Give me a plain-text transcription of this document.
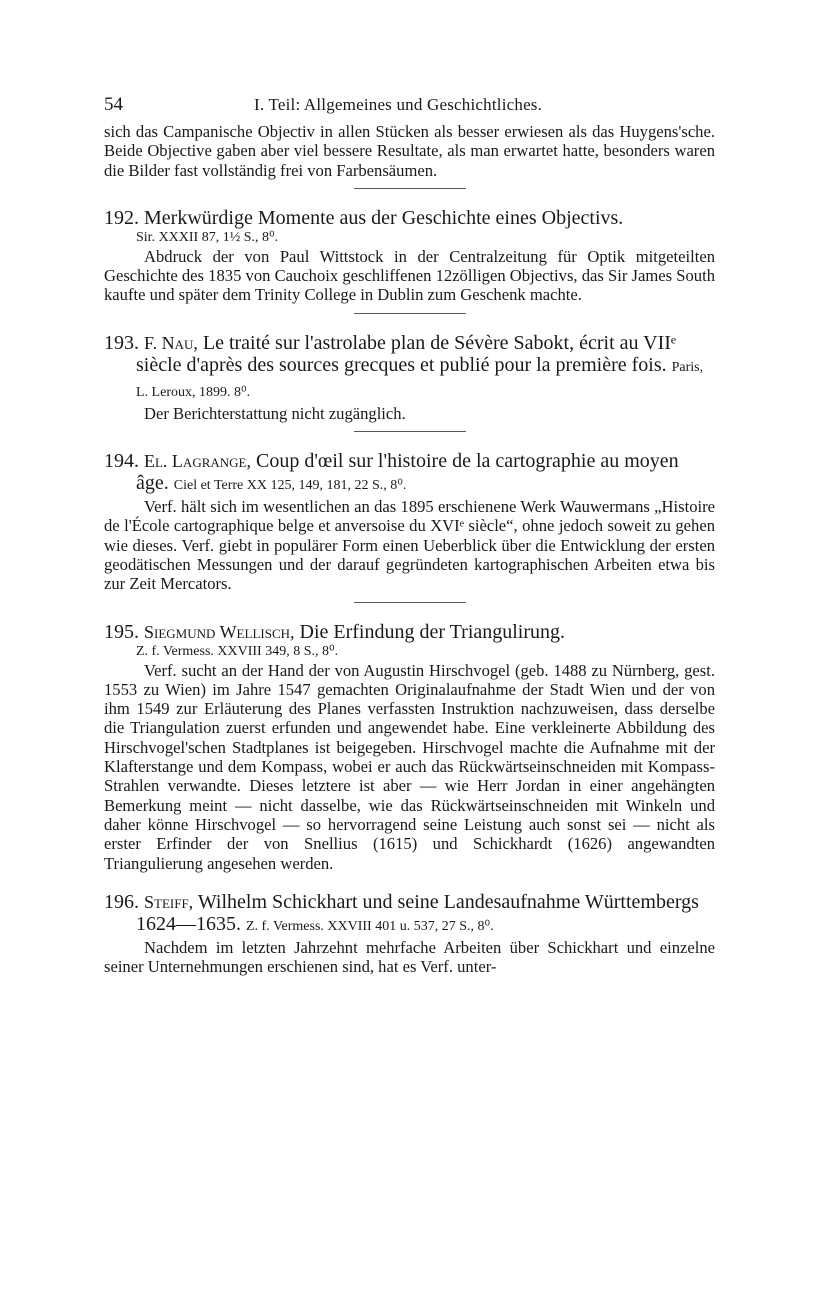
54	I. Teil: Allgemeines und Geschichtliches.

sich das Campanische Objectiv in allen Stücken als besser erwiesen als das Huygens'sche. Beide Objective gaben aber viel bessere Resultate, als man erwartet hatte, besonders waren die Bilder fast vollständig frei von Farbensäumen.

192. Merkwürdige Momente aus der Geschichte eines Objectivs.
Sir. XXXII 87, 1½ S., 8⁰.

Abdruck der von Paul Wittstock in der Centralzeitung für Optik mitgeteilten Geschichte des 1835 von Cauchoix geschliffenen 12zölligen Objectivs, das Sir James South kaufte und später dem Trinity College in Dublin zum Geschenk machte.

193. F. Nau, Le traité sur l'astrolabe plan de Sévère Sabokt, écrit au VIIᵉ siècle d'après des sources grecques et publié pour la première fois. Paris, L. Leroux, 1899. 8⁰.

Der Berichterstattung nicht zugänglich.

194. El. Lagrange, Coup d'œil sur l'histoire de la cartographie au moyen âge. Ciel et Terre XX 125, 149, 181, 22 S., 8⁰.

Verf. hält sich im wesentlichen an das 1895 erschienene Werk Wauwermans „Histoire de l'École cartographique belge et anversoise du XVIᵉ siècle“, ohne jedoch soweit zu gehen wie dieses. Verf. giebt in populärer Form einen Ueberblick über die Entwicklung der ersten geodätischen Messungen und der darauf gegründeten kartographischen Arbeiten etwa bis zur Zeit Mercators.

195. Siegmund Wellisch, Die Erfindung der Triangulirung.
Z. f. Vermess. XXVIII 349, 8 S., 8⁰.

Verf. sucht an der Hand der von Augustin Hirschvogel (geb. 1488 zu Nürnberg, gest. 1553 zu Wien) im Jahre 1547 gemachten Originalaufnahme der Stadt Wien und der von ihm 1549 zur Erläuterung des Planes verfassten Instruktion nachzuweisen, dass derselbe die Triangulation zuerst erfunden und angewendet habe. Eine verkleinerte Abbildung des Hirschvogel'schen Stadtplanes ist beigegeben. Hirschvogel machte die Aufnahme mit der Klafterstange und dem Kompass, wobei er auch das Rückwärtseinschneiden mit Kompass-Strahlen verwandte. Dieses letztere ist aber — wie Herr Jordan in einer angehängten Bemerkung meint — nicht dasselbe, wie das Rückwärtseinschneiden mit Winkeln und daher könne Hirschvogel — so hervorragend seine Leistung auch sonst sei — nicht als erster Erfinder der von Snellius (1615) und Schickhardt (1626) angewandten Triangulierung angesehen werden.

196. Steiff, Wilhelm Schickhart und seine Landesaufnahme Württembergs 1624—1635. Z. f. Vermess. XXVIII 401 u. 537, 27 S., 8⁰.

Nachdem im letzten Jahrzehnt mehrfache Arbeiten über Schickhart und einzelne seiner Unternehmungen erschienen sind, hat es Verf. unter-
